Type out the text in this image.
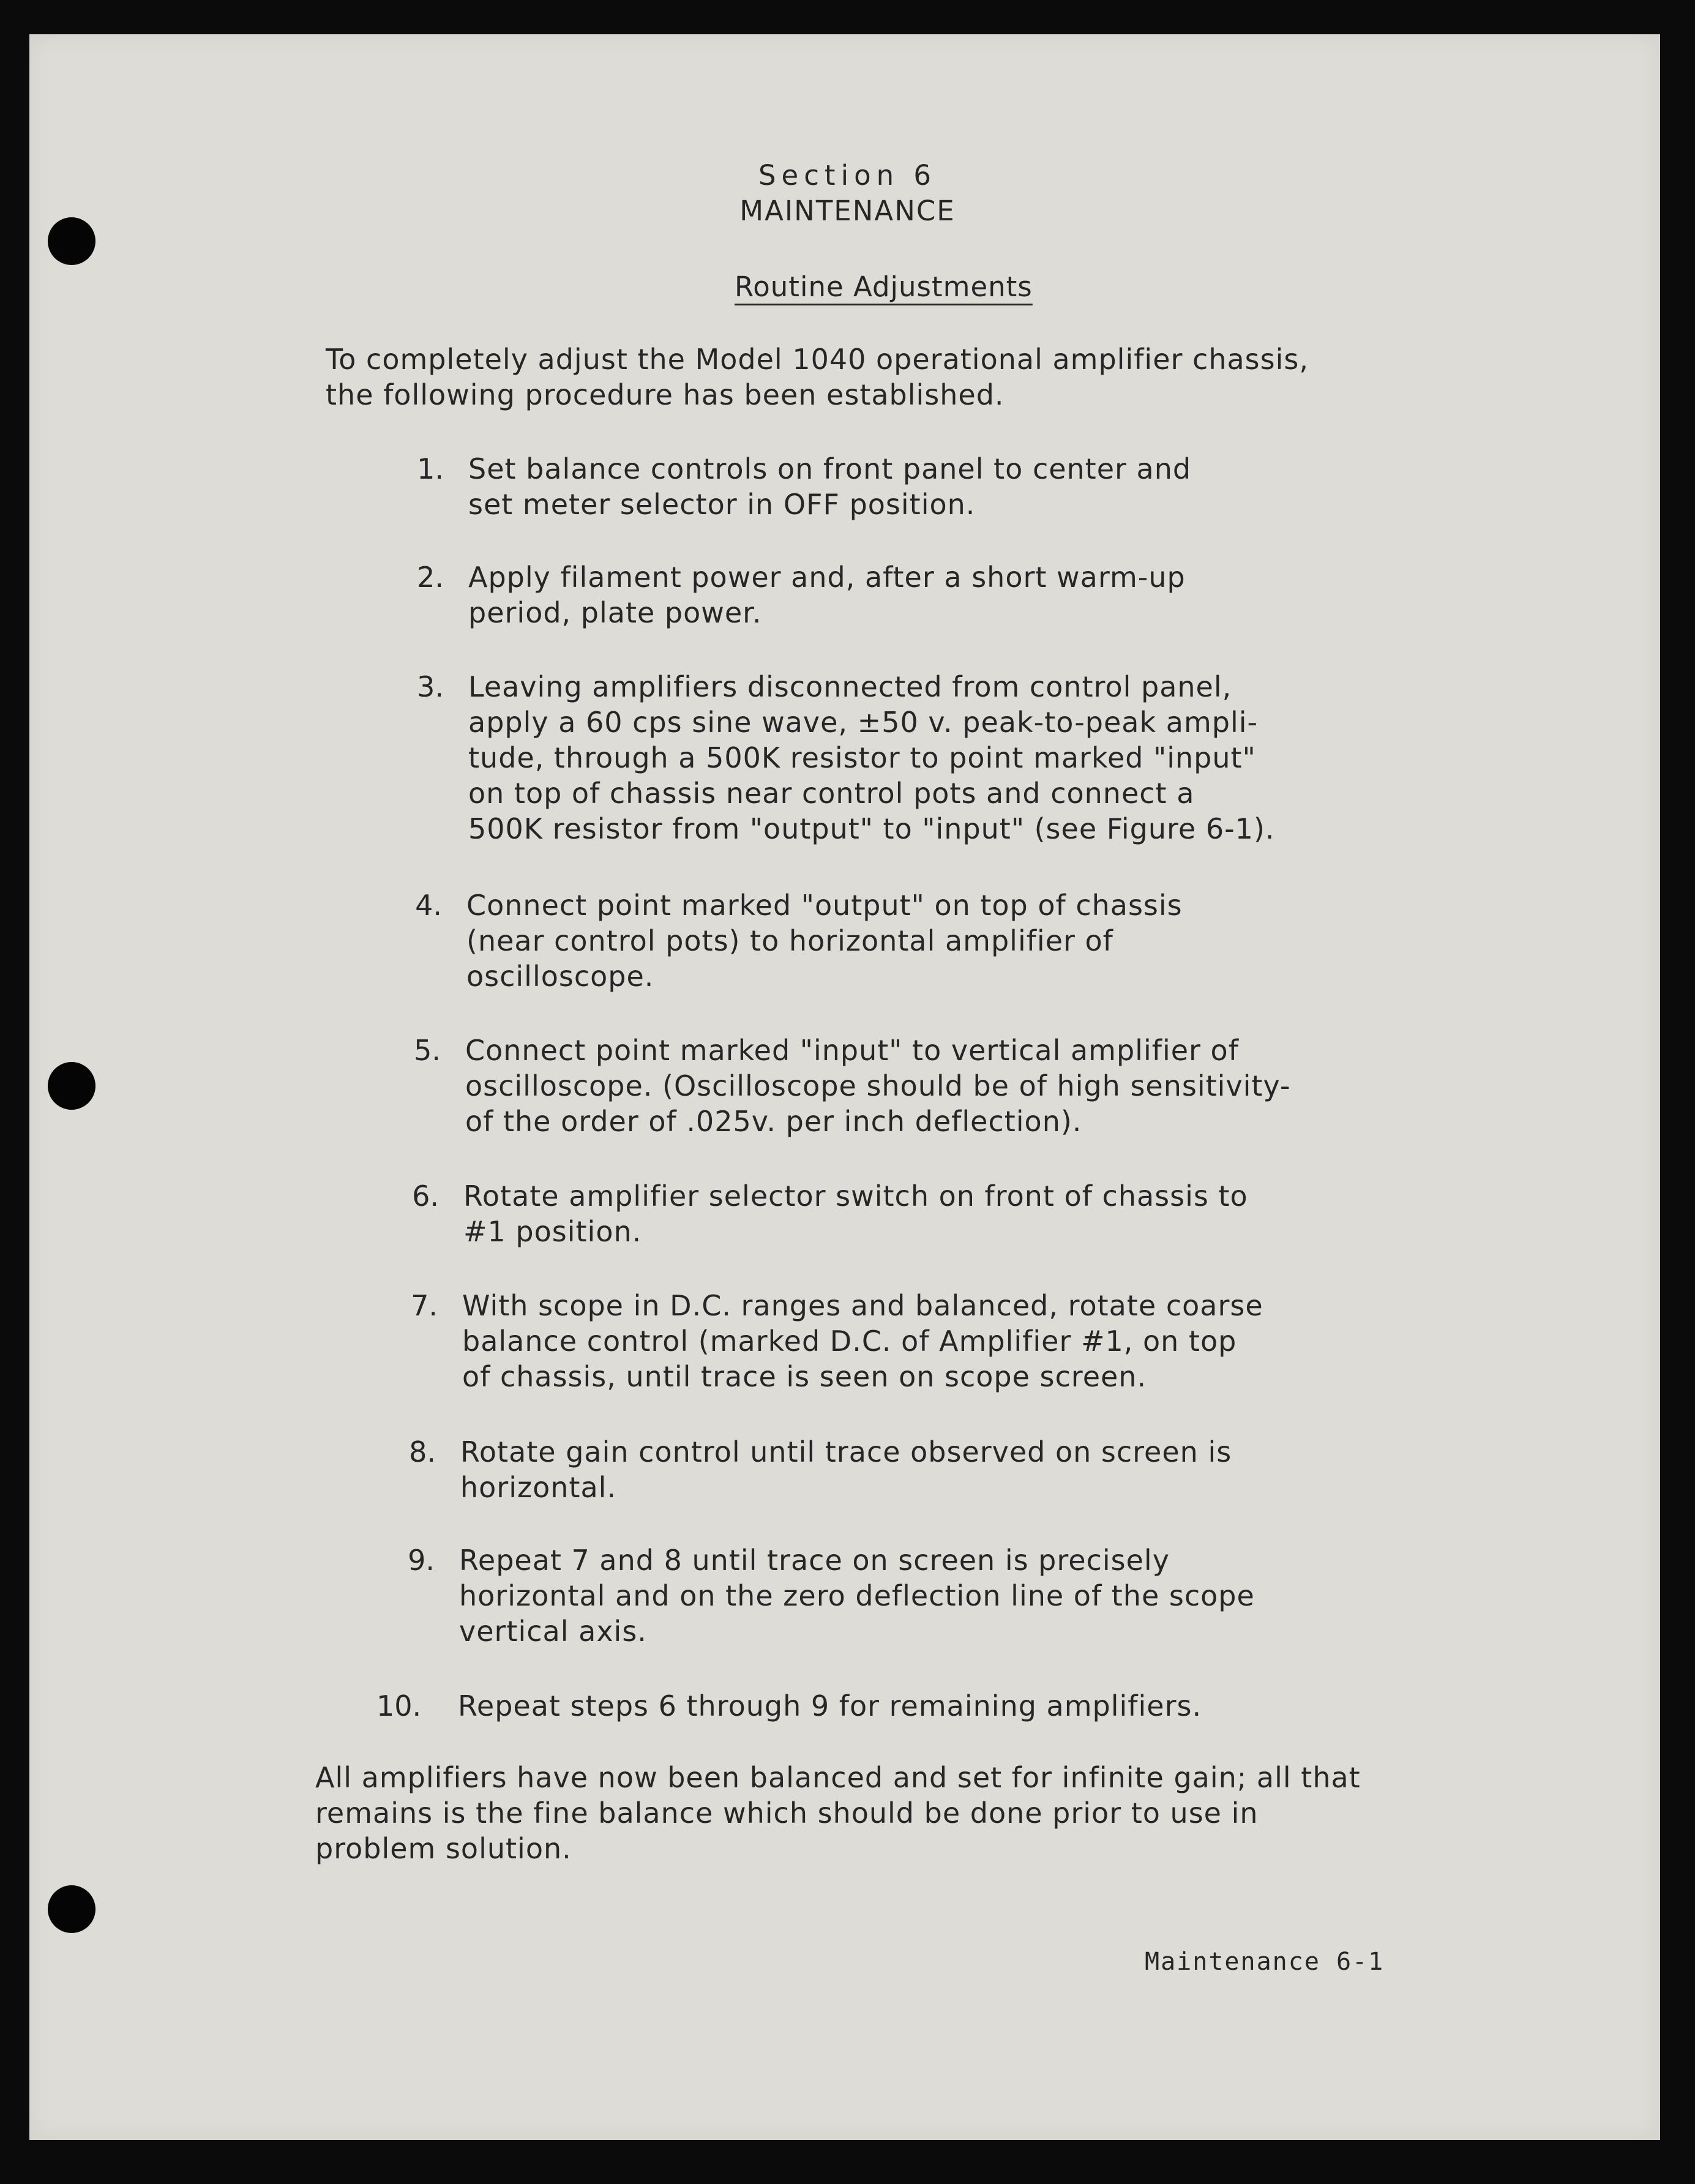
Section 6
MAINTENANCE
Routine Adjustments
To completely adjust the Model 1040 operational amplifier chassis,
the following procedure has been established.
1. Set balance controls on front panel to center and
set meter selector in OFF position.
2. Apply filament power and, after a short warm-up
period, plate power.
3. Leaving amplifiers disconnected from control panel,
apply a 60 cps sine wave, ±50 v. peak-to-peak ampli-
tude, through a 500K resistor to point marked "input"
on top of chassis near control pots and connect a
500K resistor from "output" to "input" (see Figure 6-1).
4. Connect point marked "output" on top of chassis
(near control pots) to horizontal amplifier of
oscilloscope.
5. Connect point marked "input" to vertical amplifier of
oscilloscope. (Oscilloscope should be of high sensitivity-
of the order of .025v. per inch deflection).
6. Rotate amplifier selector switch on front of chassis to
#1 position.
7. With scope in D.C. ranges and balanced, rotate coarse
balance control (marked D.C. of Amplifier #1, on top
of chassis, until trace is seen on scope screen.
8. Rotate gain control until trace observed on screen is
horizontal.
9. Repeat 7 and 8 until trace on screen is precisely
horizontal and on the zero deflection line of the scope
vertical axis.
10.	Repeat steps 6 through 9 for remaining amplifiers.
All amplifiers have now been balanced and set for infinite gain; all that
remains is the fine balance which should be done prior to use in
problem solution.
Maintenance 6-1
